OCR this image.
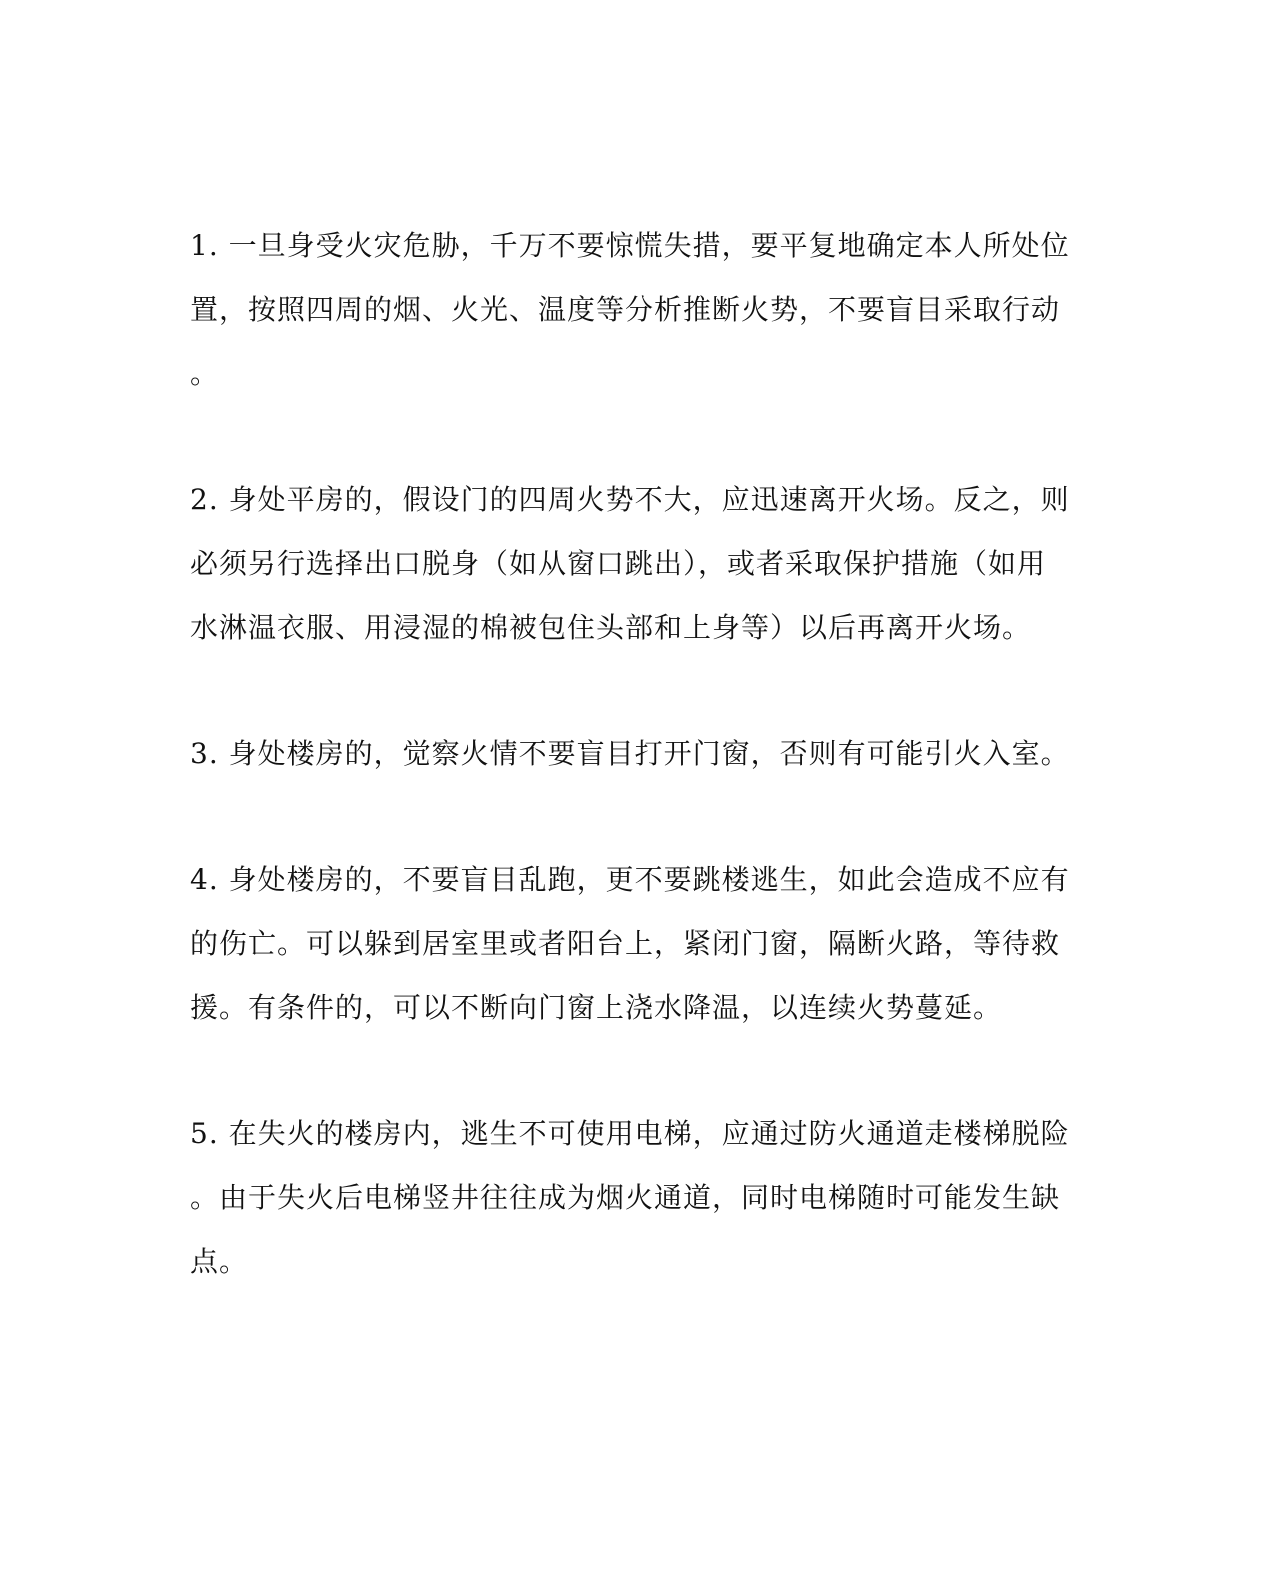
1. 一旦身受火灾危胁，千万不要惊慌失措，要平复地确定本人所处位
置，按照四周的烟、火光、温度等分析推断火势，不要盲目采取行动
。
2. 身处平房的，假设门的四周火势不大，应迅速离开火场。反之，则
必须另行选择出口脱身（如从窗口跳出），或者采取保护措施（如用
水淋温衣服、用浸湿的棉被包住头部和上身等）以后再离开火场。
3. 身处楼房的，觉察火情不要盲目打开门窗，否则有可能引火入室。
4. 身处楼房的，不要盲目乱跑，更不要跳楼逃生，如此会造成不应有
的伤亡。可以躲到居室里或者阳台上，紧闭门窗，隔断火路，等待救
援。有条件的，可以不断向门窗上浇水降温，以连续火势蔓延。
5. 在失火的楼房内，逃生不可使用电梯，应通过防火通道走楼梯脱险
。由于失火后电梯竖井往往成为烟火通道，同时电梯随时可能发生缺
点。
